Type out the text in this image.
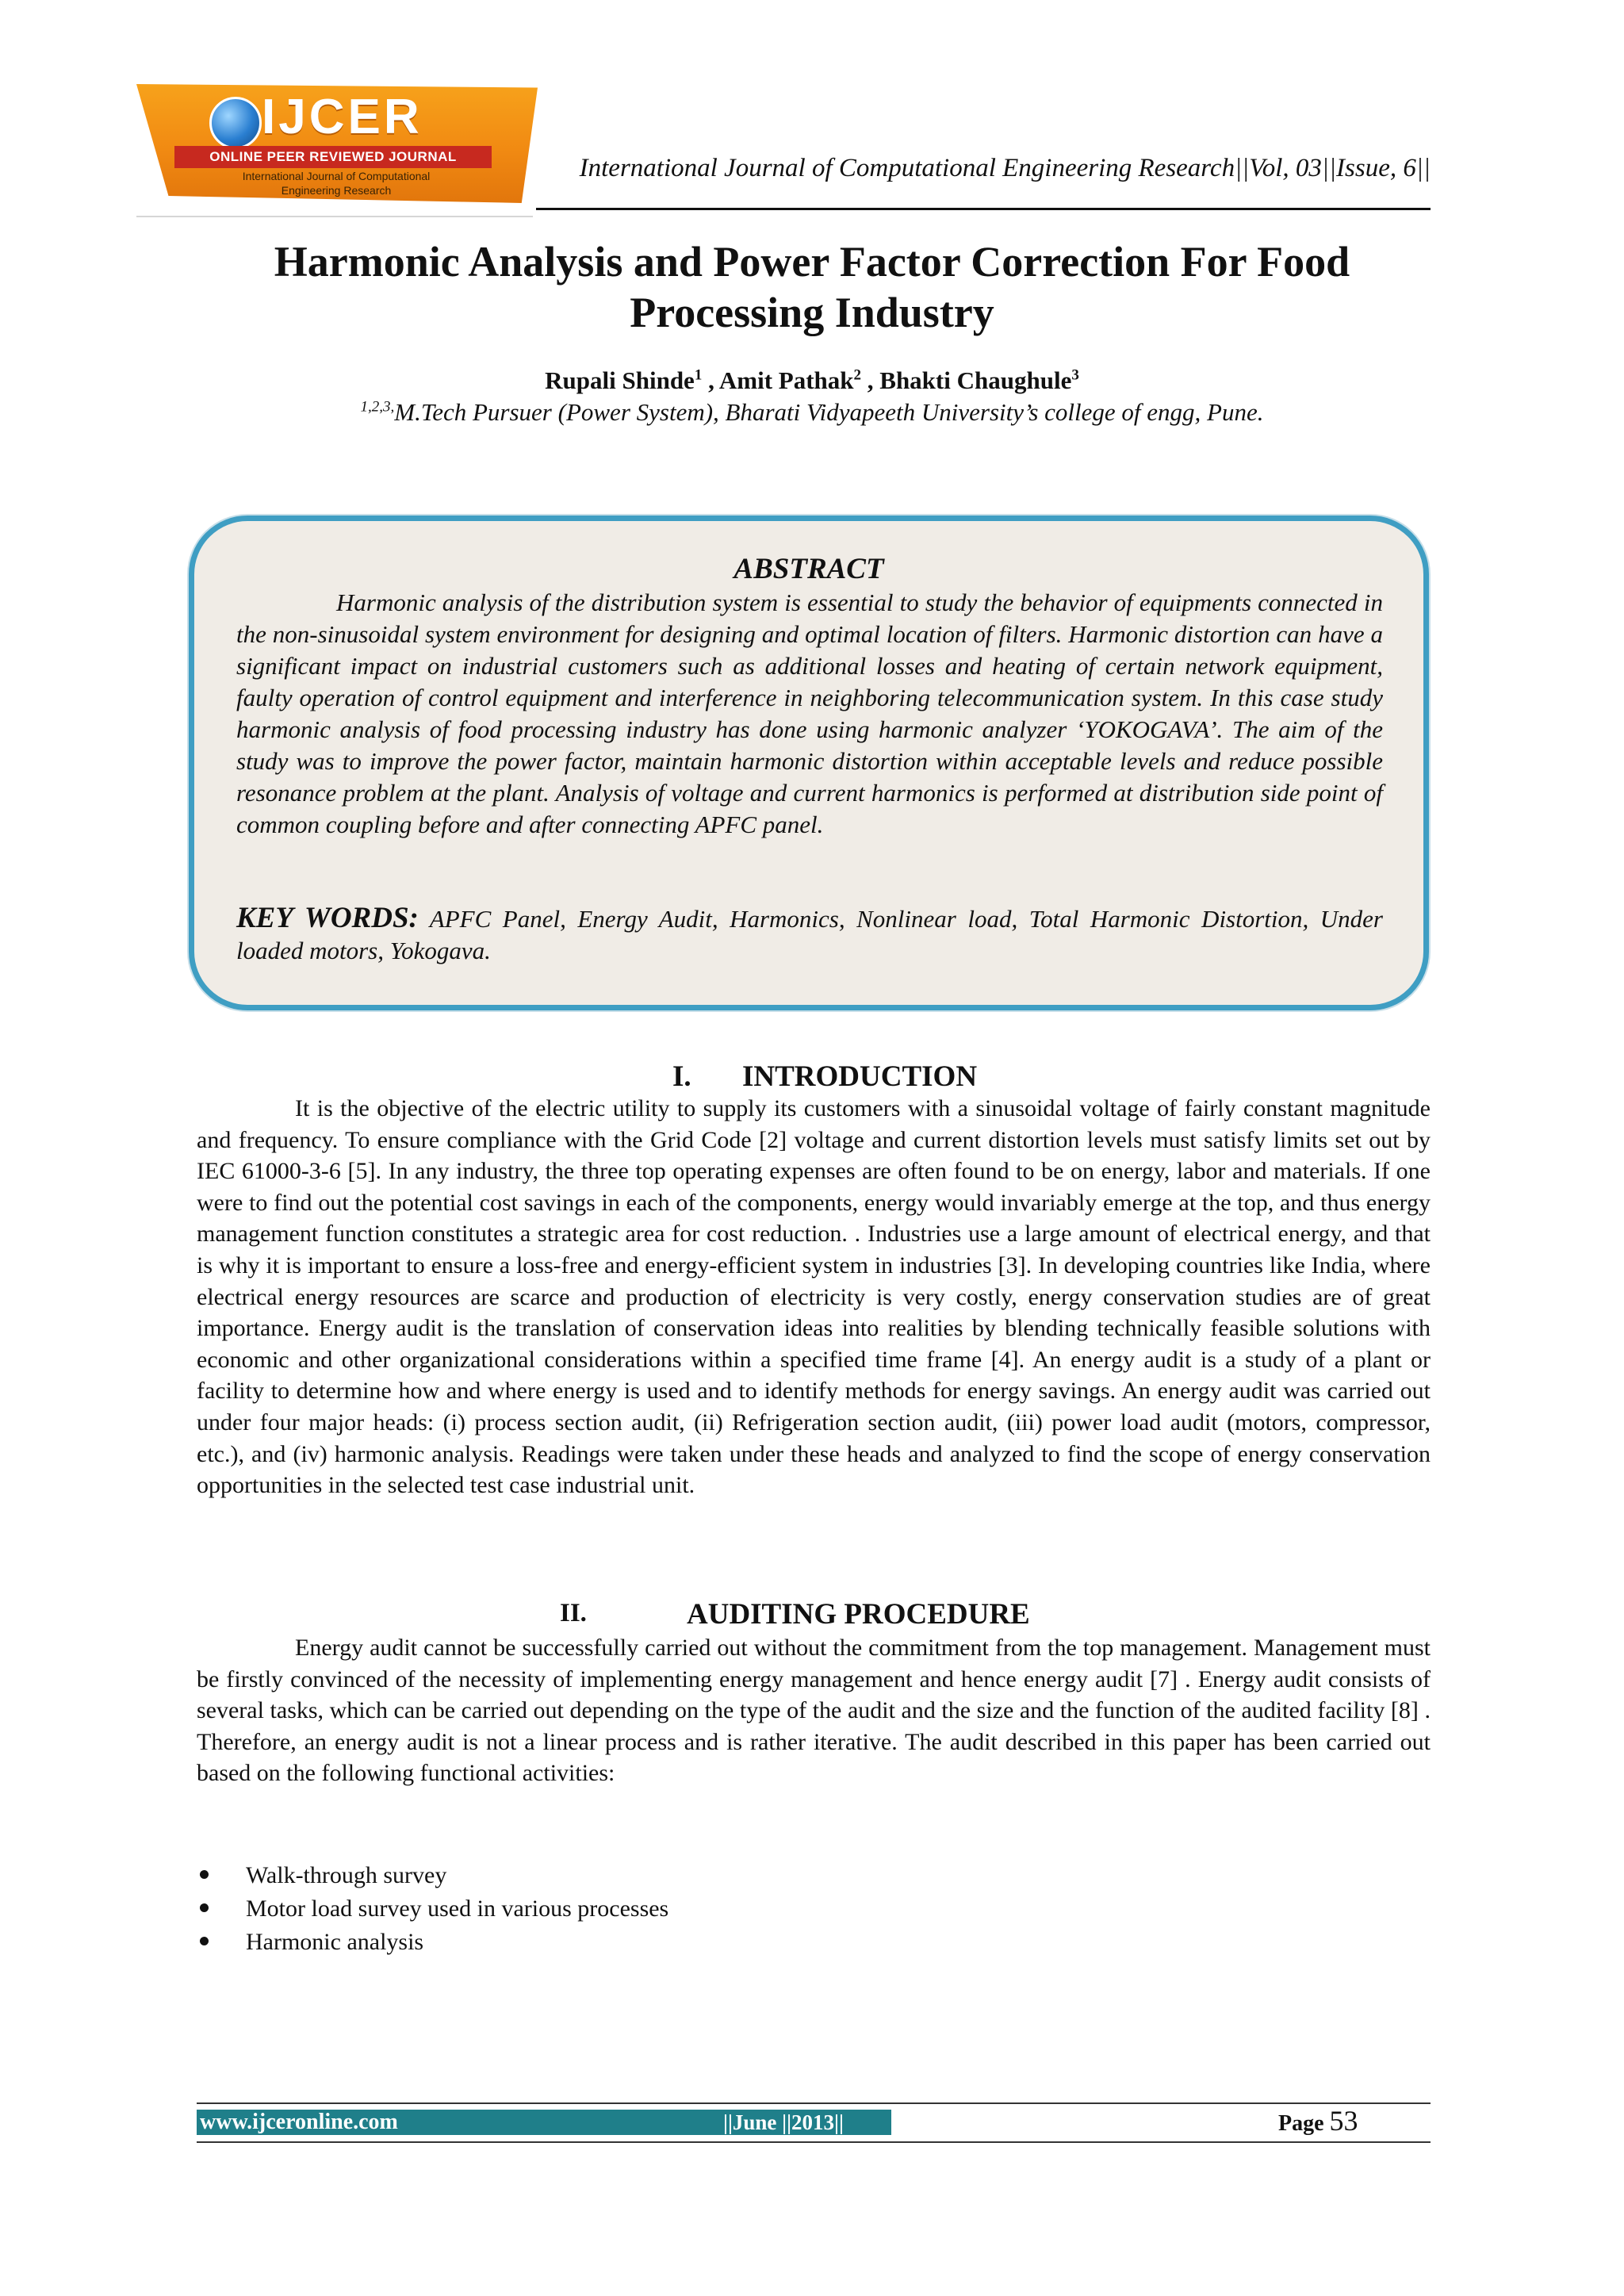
IJCER
ONLINE PEER REVIEWED JOURNAL
International Journal of Computational
Engineering Research
International Journal of Computational Engineering Research||Vol, 03||Issue, 6||
Harmonic Analysis and Power Factor Correction For Food
Processing Industry
Rupali Shinde$^1$ , Amit Pathak$^2$ , Bhakti Chaughule$^3$
$^{1,2,3,}$M.Tech Pursuer (Power System), Bharati Vidyapeeth University’s college of engg, Pune.
ABSTRACT
Harmonic analysis of the distribution system is essential to study the behavior of equipments connected in the non-sinusoidal system environment for designing and optimal location of filters. Harmonic distortion can have a significant impact on industrial customers such as additional losses and heating of certain network equipment, faulty operation of control equipment and interference in neighboring telecommunication system. In this case study harmonic analysis of food processing industry has done using harmonic analyzer ‘YOKOGAVA’. The aim of the study was to improve the power factor, maintain harmonic distortion within acceptable levels and reduce possible resonance problem at the plant. Analysis of voltage and current harmonics is performed at distribution side point of common coupling before and after connecting APFC panel.
KEY WORDS: APFC Panel, Energy Audit, Harmonics, Nonlinear load, Total Harmonic Distortion, Under loaded motors, Yokogava.
I. INTRODUCTION
It is the objective of the electric utility to supply its customers with a sinusoidal voltage of fairly constant magnitude and frequency. To ensure compliance with the Grid Code [2] voltage and current distortion levels must satisfy limits set out by IEC 61000-3-6 [5]. In any industry, the three top operating expenses are often found to be on energy, labor and materials. If one were to find out the potential cost savings in each of the components, energy would invariably emerge at the top, and thus energy management function constitutes a strategic area for cost reduction. . Industries use a large amount of electrical energy, and that is why it is important to ensure a loss-free and energy-efficient system in industries [3]. In developing countries like India, where electrical energy resources are scarce and production of electricity is very costly, energy conservation studies are of great importance. Energy audit is the translation of conservation ideas into realities by blending technically feasible solutions with economic and other organizational considerations within a specified time frame [4]. An energy audit is a study of a plant or facility to determine how and where energy is used and to identify methods for energy savings. An energy audit was carried out under four major heads: (i) process section audit, (ii) Refrigeration section audit, (iii) power load audit (motors, compressor, etc.), and (iv) harmonic analysis. Readings were taken under these heads and analyzed to find the scope of energy conservation opportunities in the selected test case industrial unit.
II.	AUDITING PROCEDURE
Energy audit cannot be successfully carried out without the commitment from the top management. Management must be firstly convinced of the necessity of implementing energy management and hence energy audit [7] . Energy audit consists of several tasks, which can be carried out depending on the type of the audit and the size and the function of the audited facility [8] . Therefore, an energy audit is not a linear process and is rather iterative. The audit described in this paper has been carried out based on the following functional activities:
Walk-through survey
Motor load survey used in various processes
Harmonic analysis
www.ijceronline.com	||June ||2013||	Page 53
